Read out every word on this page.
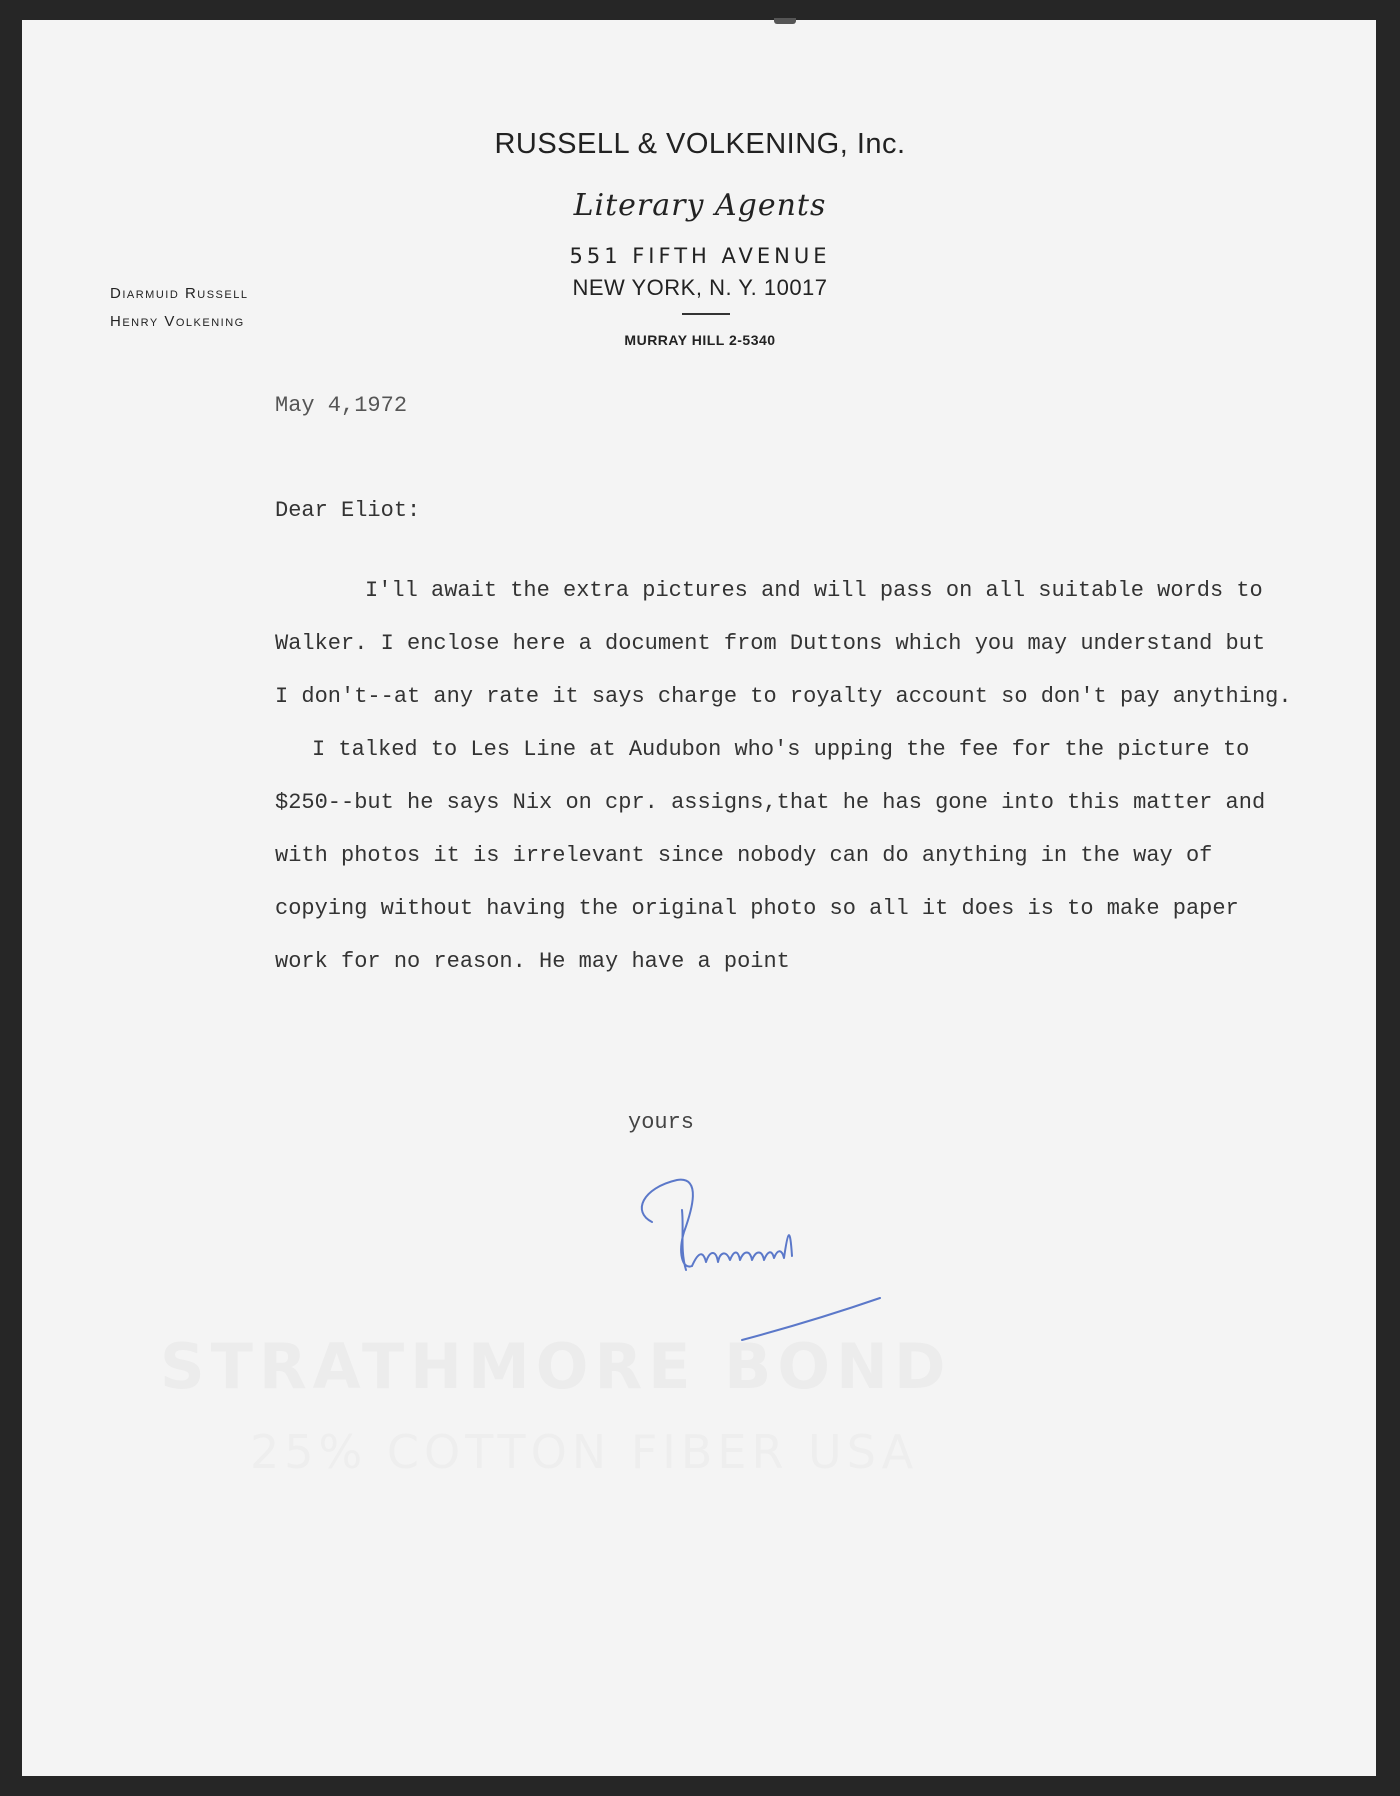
STRATHMORE BOND
25% COTTON FIBER USA
RUSSELL & VOLKENING, Inc.
Literary Agents
551 FIFTH AVENUE
NEW YORK, N. Y. 10017
MURRAY HILL 2-5340
Diarmuid Russell
Henry Volkening
May 4,1972
Dear Eliot:
I'll await the extra pictures and will pass on all suitable words to
Walker. I enclose here a document from Duttons which you may understand but
I don't--at any rate it says charge to royalty account so don't pay anything.
I talked to Les Line at Audubon who's upping the fee for the picture to
$250--but he says Nix on cpr. assigns,that he has gone into this matter and
with photos it is irrelevant since nobody can do anything in the way of
copying without having the original photo so all it does is to make paper
work for no reason. He may have a point
yours
